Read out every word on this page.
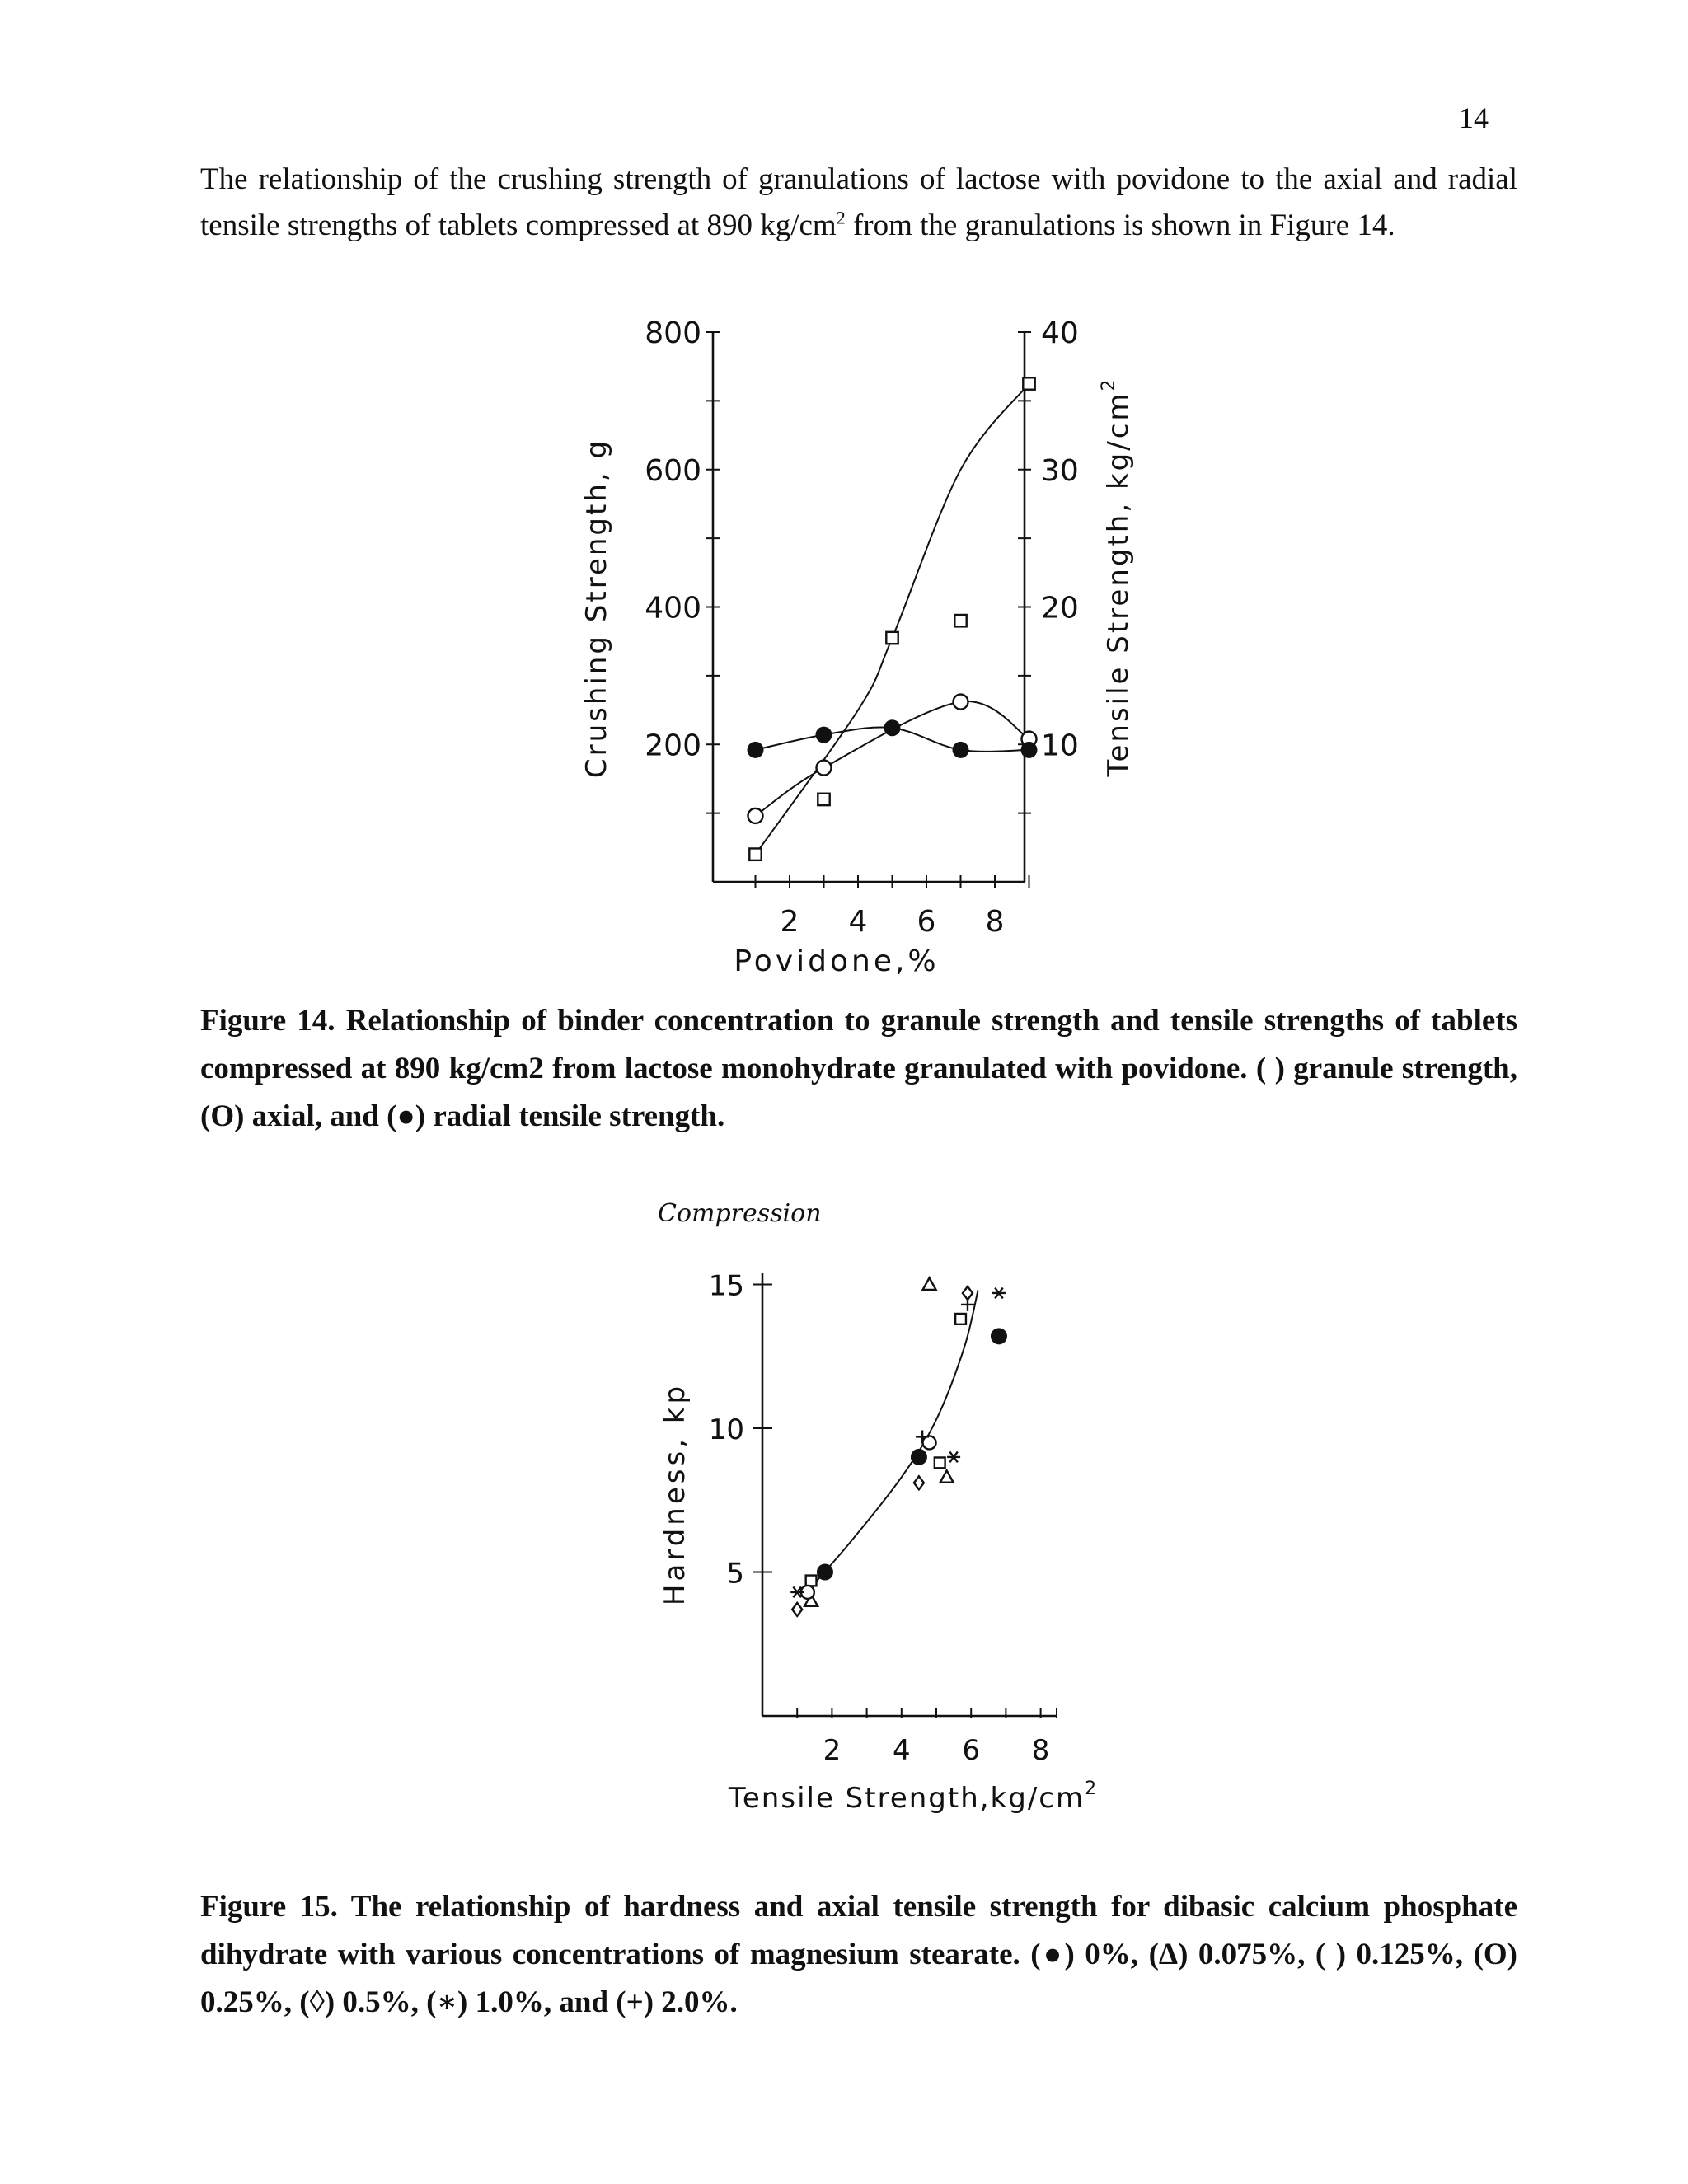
14

The relationship of the crushing strength of granulations of lactose with povidone to the axial and radial tensile strengths of tablets compressed at 890 $kg/cm^2$ from the granulations is shown in Figure 14.

200
400
600
800
10
20
30
40
2 4 6 8
Povidone,%
Crushing Strength, g	Tensile Strength, $kg/cm^2$
Compression
5
10
15
2 4 6 8
Tensile $Strength,kg/cm^2$
Hardness, kp

Figure 14. Relationship of binder concentration to granule strength and tensile strengths of tablets compressed at 890 kg/cm2 from lactose monohydrate granulated with povidone. ( ) granule strength, (O) axial, and (●) radial tensile strength.

Figure 15. The relationship of hardness and axial tensile strength for dibasic calcium phosphate dihydrate with various concentrations of magnesium stearate. (●) 0%, (Δ) 0.075%, ( ) 0.125%, (O) 0.25%, (◊) 0.5%, (∗) 1.0%, and (+) 2.0%.
